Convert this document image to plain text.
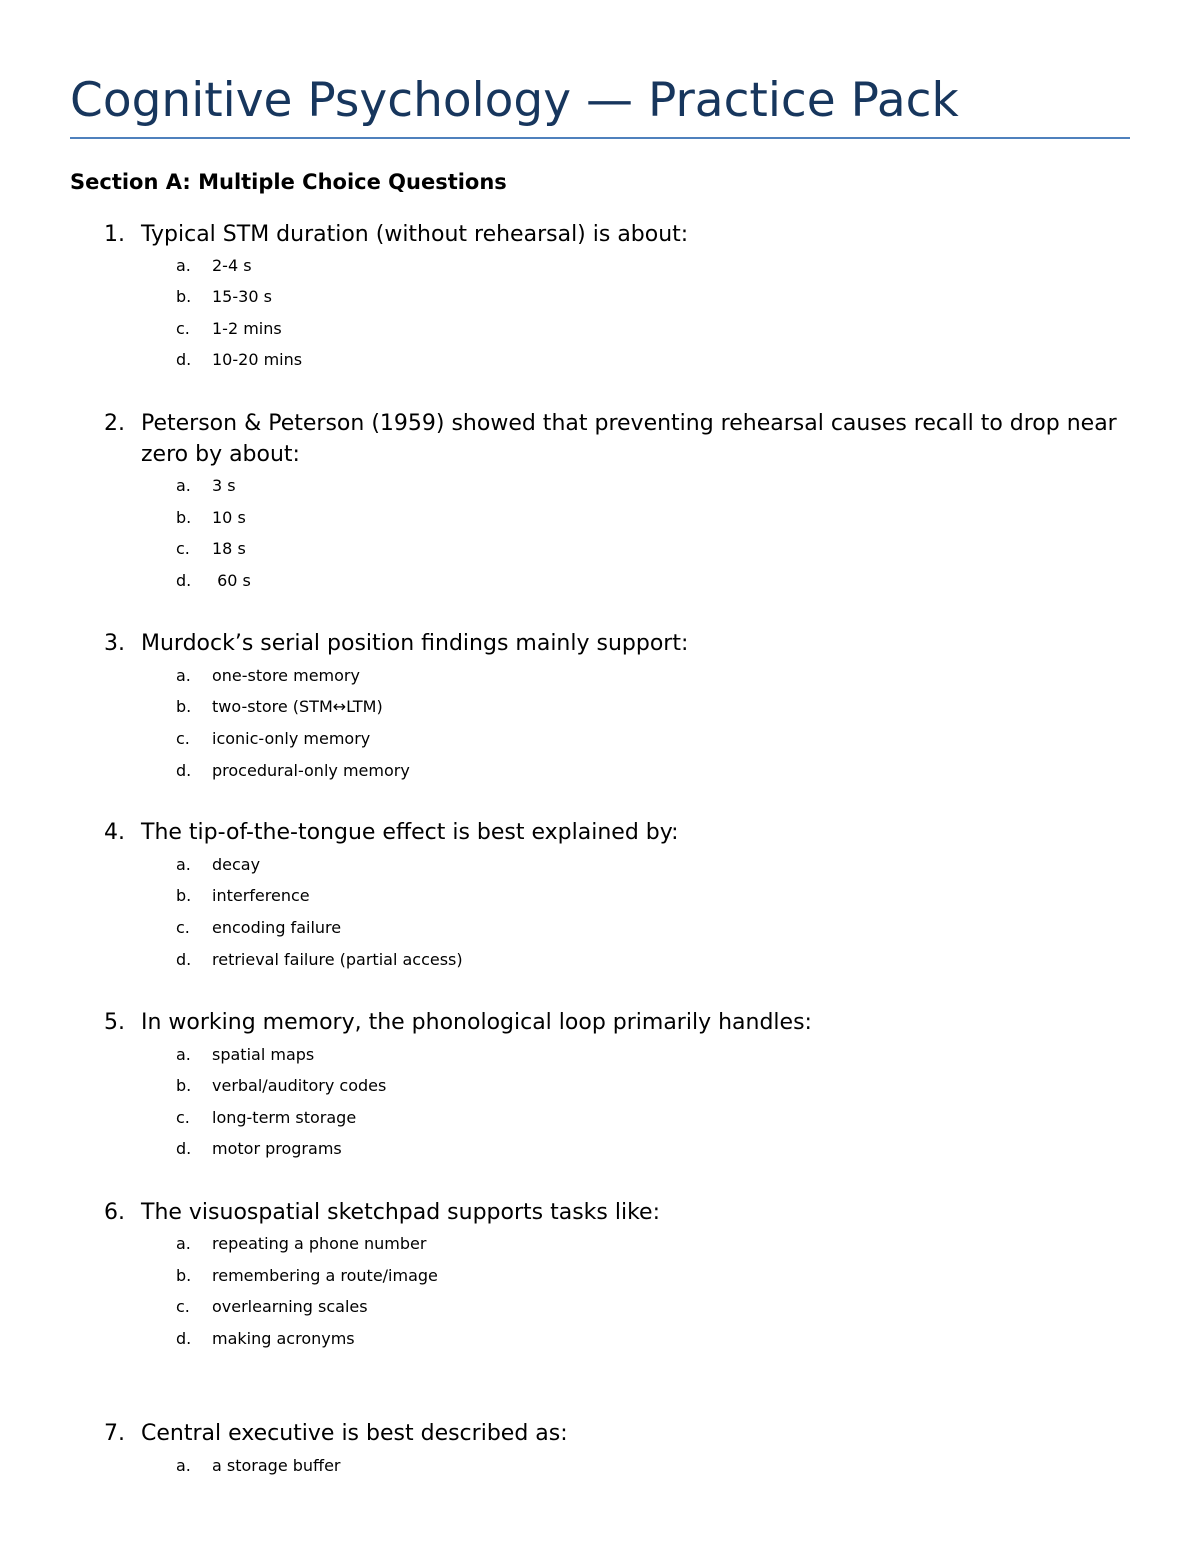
Cognitive Psychology — Practice Pack
Section A: Multiple Choice Questions
1. Typical STM duration (without rehearsal) is about:
a. 2-4 s
b. 15-30 s
c. 1-2 mins
d. 10-20 mins
2. Peterson & Peterson (1959) showed that preventing rehearsal causes recall to drop near zero by about:
a. 3 s
b. 10 s
c. 18 s
d. 60 s
3. Murdock’s serial position findings mainly support:
a. one-store memory
b. two-store (STM↔LTM)
c. iconic-only memory
d. procedural-only memory
4. The tip-of-the-tongue effect is best explained by:
a. decay
b. interference
c. encoding failure
d. retrieval failure (partial access)
5. In working memory, the phonological loop primarily handles:
a. spatial maps
b. verbal/auditory codes
c. long-term storage
d. motor programs
6. The visuospatial sketchpad supports tasks like:
a. repeating a phone number
b. remembering a route/image
c. overlearning scales
d. making acronyms
7. Central executive is best described as:
a. a storage buffer
